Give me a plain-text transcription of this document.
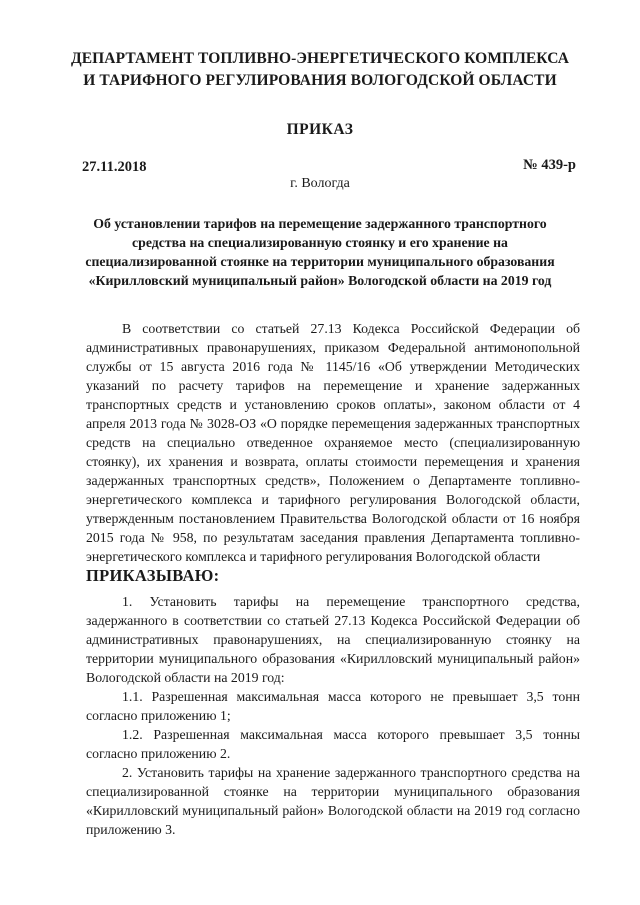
ДЕПАРТАМЕНТ ТОПЛИВНО-ЭНЕРГЕТИЧЕСКОГО КОМПЛЕКСА
И ТАРИФНОГО РЕГУЛИРОВАНИЯ ВОЛОГОДСКОЙ ОБЛАСТИ
ПРИКАЗ
27.11.2018	№ 439-р
г. Вологда
Об установлении тарифов на перемещение задержанного транспортного средства на специализированную стоянку и его хранение на специализированной стоянке на территории муниципального образования «Кирилловский муниципальный район» Вологодской области на 2019 год

В соответствии со статьей 27.13 Кодекса Российской Федерации об административных правонарушениях, приказом Федеральной антимонопольной службы от 15 августа 2016 года № 1145/16 «Об утверждении Методических указаний по расчету тарифов на перемещение и хранение задержанных транспортных средств и установлению сроков оплаты», законом области от 4 апреля 2013 года № 3028-ОЗ «О порядке перемещения задержанных транспортных средств на специально отведенное охраняемое место (специализированную стоянку), их хранения и возврата, оплаты стоимости перемещения и хранения задержанных транспортных средств», Положением о Департаменте топливно-энергетического комплекса и тарифного регулирования Вологодской области, утвержденным постановлением Правительства Вологодской области от 16 ноября 2015 года № 958, по результатам заседания правления Департамента топливно-энергетического комплекса и тарифного регулирования Вологодской области

ПРИКАЗЫВАЮ:

1. Установить тарифы на перемещение транспортного средства, задержанного в соответствии со статьей 27.13 Кодекса Российской Федерации об административных правонарушениях, на специализированную стоянку на территории муниципального образования «Кирилловский муниципальный район» Вологодской области на 2019 год:

1.1. Разрешенная максимальная масса которого не превышает 3,5 тонн согласно приложению 1;

1.2. Разрешенная максимальная масса которого превышает 3,5 тонны согласно приложению 2.

2. Установить тарифы на хранение задержанного транспортного средства на специализированной стоянке на территории муниципального образования «Кирилловский муниципальный район» Вологодской области на 2019 год согласно приложению 3.
